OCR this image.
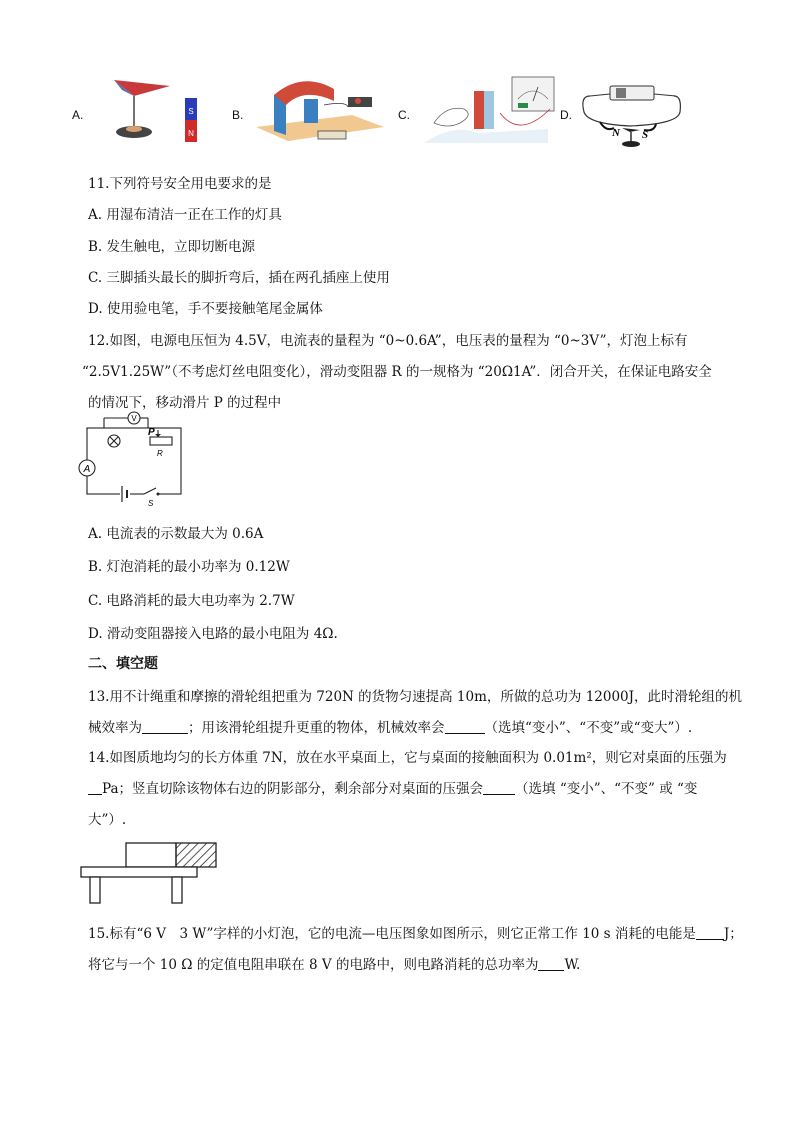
A.	S
N
B.	C.	D.
N S
11.下列符号安全用电要求的是
A. 用湿布清洁一正在工作的灯具
B. 发生触电，立即切断电源
C. 三脚插头最长的脚折弯后，插在两孔插座上使用
D. 使用验电笔，手不要接触笔尾金属体
12.如图，电源电压恒为 4.5V，电流表的量程为 “0~0.6A”，电压表的量程为 “0~3V”，灯泡上标有
“2.5V1.25W”（不考虑灯丝电阻变化），滑动变阻器 R 的一规格为 “20Ω1A”．闭合开关，在保证电路安全
的情况下，移动滑片 P 的过程中
V
A
P
R
S
A. 电流表的示数最大为 0.6A
B. 灯泡消耗的最小功率为 0.12W
C. 电路消耗的最大电功率为 2.7W
D. 滑动变阻器接入电路的最小电阻为 4Ω.
二、填空题
13.用不计绳重和摩擦的滑轮组把重为 720N 的货物匀速提高 10m，所做的总功为 12000J，此时滑轮组的机
械效率为	；用该滑轮组提升更重的物体，机械效率会	（选填“变小”、“不变”或“变大”）.
14.如图质地均匀的长方体重 7N，放在水平桌面上，它与桌面的接触面积为 0.01m²，则它对桌面的压强为
Pa；竖直切除该物体右边的阴影部分，剩余部分对桌面的压强会 （选填 “变小”、“不变” 或 “变
大”）.
15.标有“6 V　3 W”字样的小灯泡，它的电流—电压图象如图所示，则它正常工作 10 s 消耗的电能是 J；
将它与一个 10 Ω 的定值电阻串联在 8 V 的电路中，则电路消耗的总功率为 W.
